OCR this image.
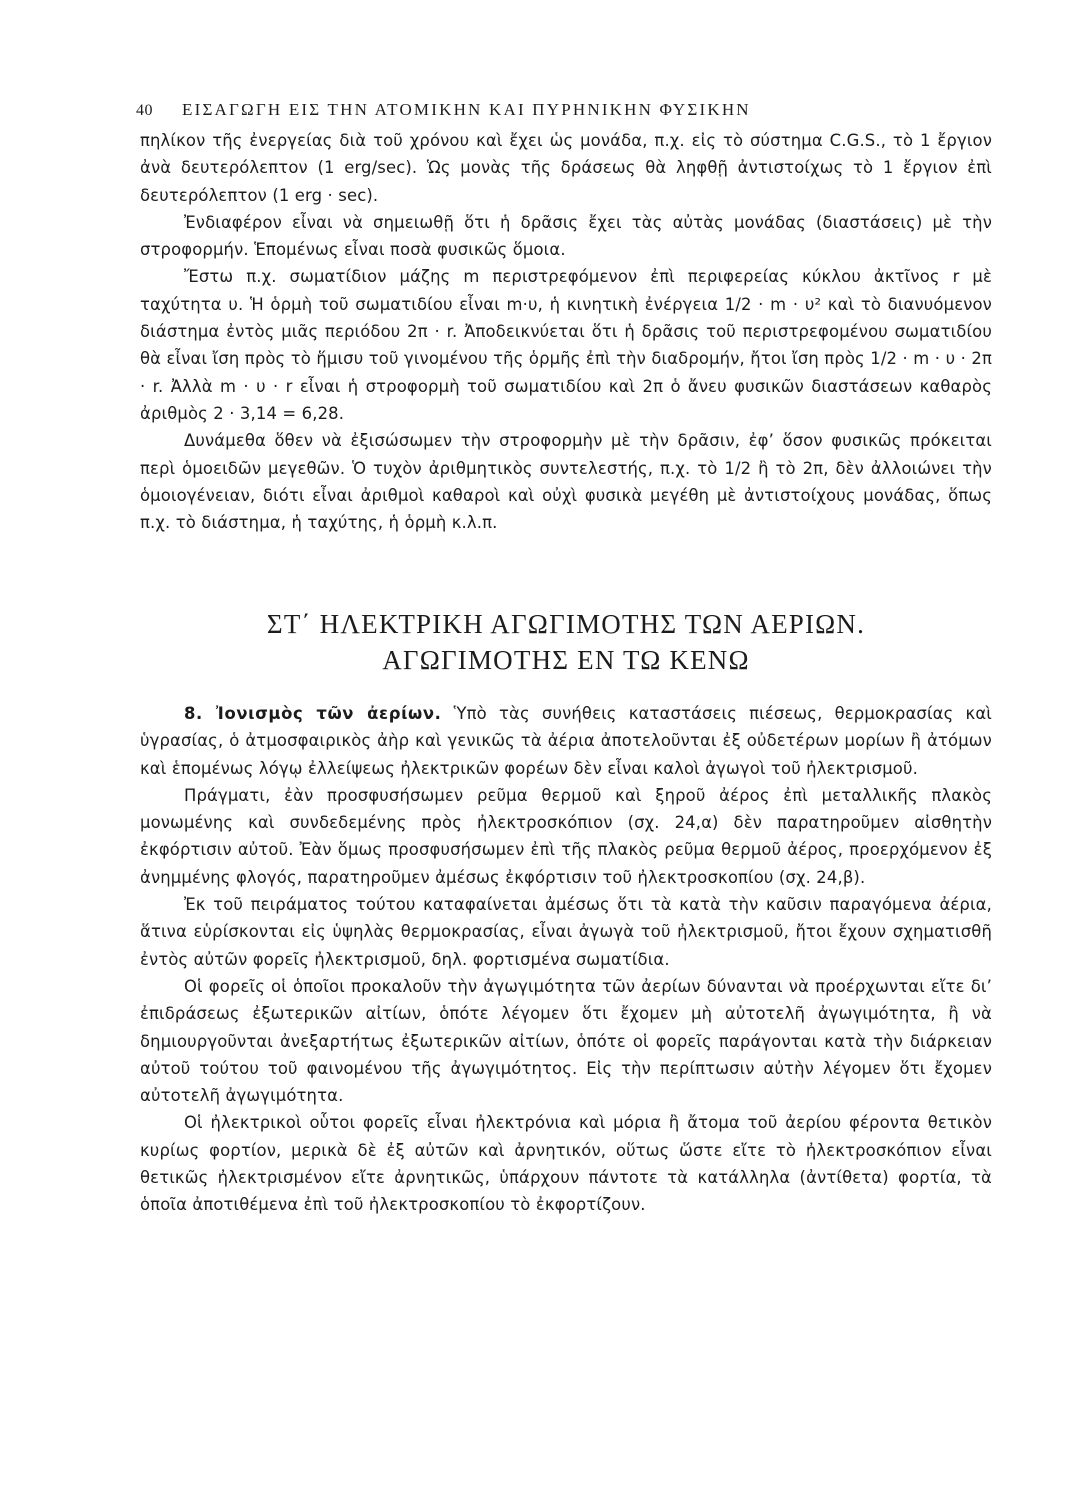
40 ΕΙΣΑΓΩΓΗ ΕΙΣ ΤΗΝ ΑΤΟΜΙΚΗΝ ΚΑΙ ΠΥΡΗΝΙΚΗΝ ΦΥΣΙΚΗΝ

πηλίκον τῆς ἐνεργείας διὰ τοῦ χρόνου καὶ ἔχει ὡς μονάδα, π.χ. εἰς τὸ σύστημα C.G.S., τὸ 1 ἔργιον ἀνὰ δευτερόλεπτον (1 erg/sec). Ὡς μονὰς τῆς δράσεως θὰ ληφθῇ ἀντιστοίχως τὸ 1 ἔργιον ἐπὶ δευτερόλεπτον (1 erg · sec).

Ἐνδιαφέρον εἶναι νὰ σημειωθῇ ὅτι ἡ δρᾶσις ἔχει τὰς αὐτὰς μονάδας (διαστάσεις) μὲ τὴν στροφορμήν. Ἑπομένως εἶναι ποσὰ φυσικῶς ὅμοια.

Ἔστω π.χ. σωματίδιον μάζης m περιστρεφόμενον ἐπὶ περιφερείας κύκλου ἀκτῖνος r μὲ ταχύτητα υ. Ἡ ὁρμὴ τοῦ σωματιδίου εἶναι m·υ, ἡ κινητικὴ ἐνέργεια 1/2 · m · υ² καὶ τὸ διανυόμενον διάστημα ἐντὸς μιᾶς περιόδου 2π · r. Ἀποδεικνύεται ὅτι ἡ δρᾶσις τοῦ περιστρεφομένου σωματιδίου θὰ εἶναι ἴση πρὸς τὸ ἥμισυ τοῦ γινομένου τῆς ὁρμῆς ἐπὶ τὴν διαδρομήν, ἤτοι ἴση πρὸς 1/2 · m · υ · 2π · r. Ἀλλὰ m · υ · r εἶναι ἡ στροφορμὴ τοῦ σωματιδίου καὶ 2π ὁ ἄνευ φυσικῶν διαστάσεων καθαρὸς ἀριθμὸς 2 · 3,14 = 6,28.

Δυνάμεθα ὅθεν νὰ ἐξισώσωμεν τὴν στροφορμὴν μὲ τὴν δρᾶσιν, ἐφ’ ὅσον φυσικῶς πρόκειται περὶ ὁμοειδῶν μεγεθῶν. Ὁ τυχὸν ἀριθμητικὸς συντελεστής, π.χ. τὸ 1/2 ἢ τὸ 2π, δὲν ἀλλοιώνει τὴν ὁμοιογένειαν, διότι εἶναι ἀριθμοὶ καθαροὶ καὶ οὐχὶ φυσικὰ μεγέθη μὲ ἀντιστοίχους μονάδας, ὅπως π.χ. τὸ διάστημα, ἡ ταχύτης, ἡ ὁρμὴ κ.λ.π.

ΣΤ΄ ΗΛΕΚΤΡΙΚΗ ΑΓΩΓΙΜΟΤΗΣ ΤΩΝ ΑΕΡΙΩΝ.
ΑΓΩΓΙΜΟΤΗΣ ΕΝ ΤΩ ΚΕΝΩ

8. Ἰονισμὸς τῶν ἀερίων. Ὑπὸ τὰς συνήθεις καταστάσεις πιέσεως, θερμοκρασίας καὶ ὑγρασίας, ὁ ἀτμοσφαιρικὸς ἀὴρ καὶ γενικῶς τὰ ἀέρια ἀποτελοῦνται ἐξ οὐδετέρων μορίων ἢ ἀτόμων καὶ ἑπομένως λόγῳ ἐλλείψεως ἠλεκτρικῶν φορέων δὲν εἶναι καλοὶ ἀγωγοὶ τοῦ ἠλεκτρισμοῦ.

Πράγματι, ἐὰν προσφυσήσωμεν ρεῦμα θερμοῦ καὶ ξηροῦ ἀέρος ἐπὶ μεταλλικῆς πλακὸς μονωμένης καὶ συνδεδεμένης πρὸς ἠλεκτροσκόπιον (σχ. 24,α) δὲν παρατηροῦμεν αἰσθητὴν ἐκφόρτισιν αὐτοῦ. Ἐὰν ὅμως προσφυσήσωμεν ἐπὶ τῆς πλακὸς ρεῦμα θερμοῦ ἀέρος, προερχόμενον ἐξ ἀνημμένης φλογός, παρατηροῦμεν ἀμέσως ἐκφόρτισιν τοῦ ἠλεκτροσκοπίου (σχ. 24,β).

Ἐκ τοῦ πειράματος τούτου καταφαίνεται ἀμέσως ὅτι τὰ κατὰ τὴν καῦσιν παραγόμενα ἀέρια, ἅτινα εὑρίσκονται εἰς ὑψηλὰς θερμοκρασίας, εἶναι ἀγωγὰ τοῦ ἠλεκτρισμοῦ, ἤτοι ἔχουν σχηματισθῆ ἐντὸς αὐτῶν φορεῖς ἠλεκτρισμοῦ, δηλ. φορτισμένα σωματίδια.

Οἱ φορεῖς οἱ ὁποῖοι προκαλοῦν τὴν ἀγωγιμότητα τῶν ἀερίων δύνανται νὰ προέρχωνται εἴτε δι’ ἐπιδράσεως ἐξωτερικῶν αἰτίων, ὁπότε λέγομεν ὅτι ἔχομεν μὴ αὐτοτελῆ ἀγωγιμότητα, ἢ νὰ δημιουργοῦνται ἀνεξαρτήτως ἐξωτερικῶν αἰτίων, ὁπότε οἱ φορεῖς παράγονται κατὰ τὴν διάρκειαν αὐτοῦ τούτου τοῦ φαινομένου τῆς ἀγωγιμότητος. Εἰς τὴν περίπτωσιν αὐτὴν λέγομεν ὅτι ἔχομεν αὐτοτελῆ ἀγωγιμότητα.

Οἱ ἠλεκτρικοὶ οὗτοι φορεῖς εἶναι ἠλεκτρόνια καὶ μόρια ἢ ἄτομα τοῦ ἀερίου φέροντα θετικὸν κυρίως φορτίον, μερικὰ δὲ ἐξ αὐτῶν καὶ ἀρνητικόν, οὕτως ὥστε εἴτε τὸ ἠλεκτροσκόπιον εἶναι θετικῶς ἠλεκτρισμένον εἴτε ἀρνητικῶς, ὑπάρχουν πάντοτε τὰ κατάλληλα (ἀντίθετα) φορτία, τὰ ὁποῖα ἀποτιθέμενα ἐπὶ τοῦ ἠλεκτροσκοπίου τὸ ἐκφορτίζουν.
